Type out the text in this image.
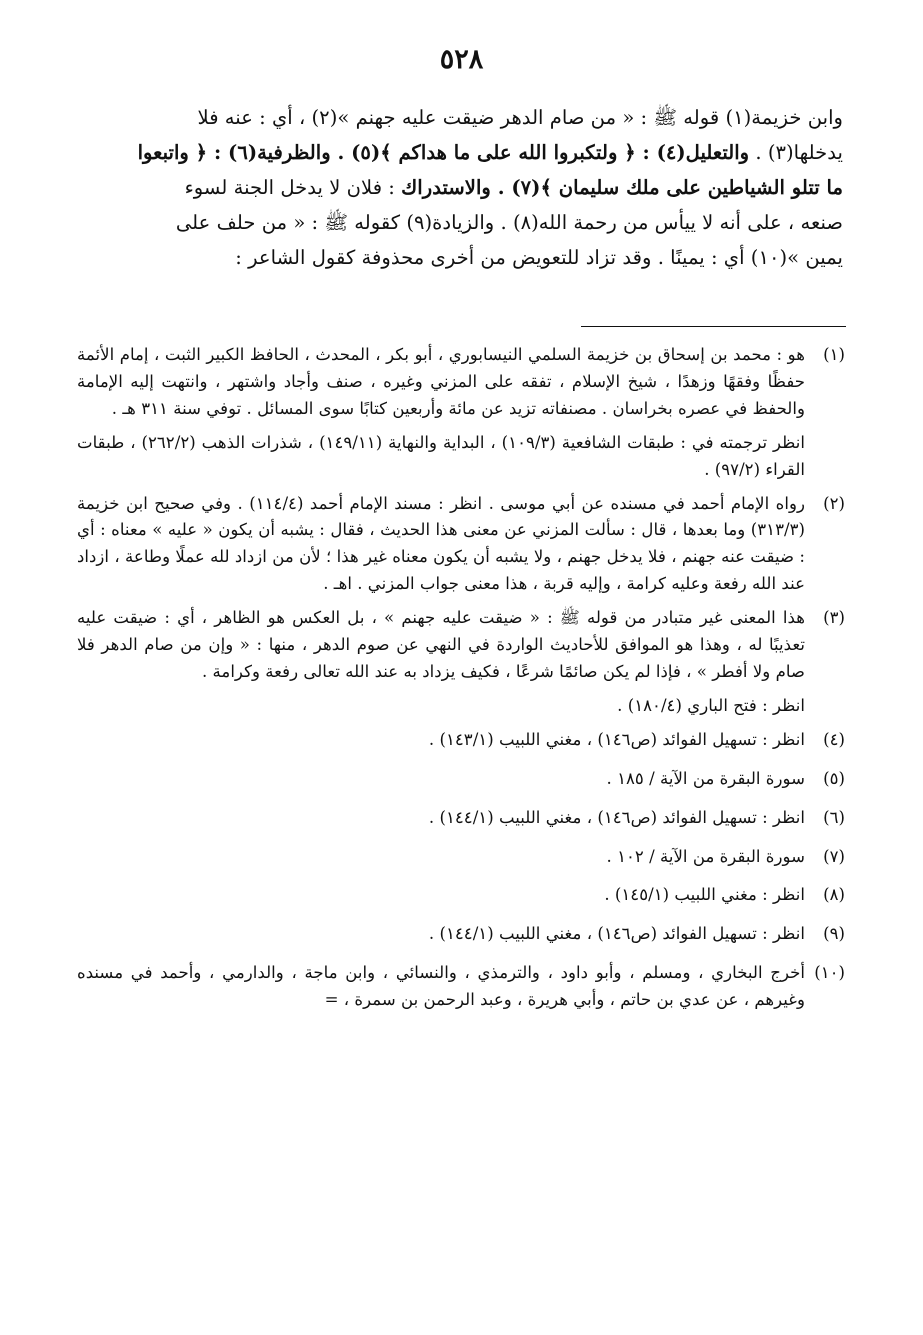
٥٢٨

وابن خزيمة(١) قوله ﷺ : « من صام الدهر ضيقت عليه جهنم »(٢) ، أي : عنه فلا

يدخلها(٣) . والتعليل(٤) : ﴿ ولتكبروا الله على ما هداكم ﴾(٥) . والظرفية(٦) : ﴿ واتبعوا

ما تتلو الشياطين على ملك سليمان ﴾(٧) . والاستدراك : فلان لا يدخل الجنة لسوء

صنعه ، على أنه لا ييأس من رحمة الله(٨) . والزيادة(٩) كقوله ﷺ : « من حلف على

يمين »(١٠) أي : يمينًا . وقد تزاد للتعويض من أخرى محذوفة كقول الشاعر :

(١)

هو : محمد بن إسحاق بن خزيمة السلمي النيسابوري ، أبو بكر ، المحدث ، الحافظ الكبير الثبت ، إمام الأئمة حفظًا وفقهًا وزهدًا ، شيخ الإسلام ، تفقه على المزني وغيره ، صنف وأجاد واشتهر ، وانتهت إليه الإمامة والحفظ في عصره بخراسان . مصنفاته تزيد عن مائة وأربعين كتابًا سوى المسائل . توفي سنة ٣١١ هـ .

انظر ترجمته في : طبقات الشافعية (١٠٩/٣) ، البداية والنهاية (١٤٩/١١) ، شذرات الذهب (٢٦٢/٢) ، طبقات القراء (٩٧/٢) .

(٢)

رواه الإمام أحمد في مسنده عن أبي موسى . انظر : مسند الإمام أحمد (١١٤/٤) . وفي صحيح ابن خزيمة (٣١٣/٣) وما بعدها ، قال : سألت المزني عن معنى هذا الحديث ، فقال : يشبه أن يكون « عليه » معناه : أي : ضيقت عنه جهنم ، فلا يدخل جهنم ، ولا يشبه أن يكون معناه غير هذا ؛ لأن من ازداد لله عملًا وطاعة ، ازداد عند الله رفعة وعليه كرامة ، وإليه قربة ، هذا معنى جواب المزني . اهـ .

(٣)

هذا المعنى غير متبادر من قوله ﷺ : « ضيقت عليه جهنم » ، بل العكس هو الظاهر ، أي : ضيقت عليه تعذيبًا له ، وهذا هو الموافق للأحاديث الواردة في النهي عن صوم الدهر ، منها : « وإن من صام الدهر فلا صام ولا أفطر » ، فإذا لم يكن صائمًا شرعًا ، فكيف يزداد به عند الله تعالى رفعة وكرامة .

انظر : فتح الباري (١٨٠/٤) .

(٤)

انظر : تسهيل الفوائد (ص١٤٦) ، مغني اللبيب (١٤٣/١) .

(٥)

سورة البقرة من الآية / ١٨٥ .

(٦)

انظر : تسهيل الفوائد (ص١٤٦) ، مغني اللبيب (١٤٤/١) .

(٧)

سورة البقرة من الآية / ١٠٢ .

(٨)

انظر : مغني اللبيب (١٤٥/١) .

(٩)

انظر : تسهيل الفوائد (ص١٤٦) ، مغني اللبيب (١٤٤/١) .

(١٠)

أخرج البخاري ، ومسلم ، وأبو داود ، والترمذي ، والنسائي ، وابن ماجة ، والدارمي ، وأحمد في مسنده وغيرهم ، عن عدي بن حاتم ، وأبي هريرة ، وعبد الرحمن بن سمرة ، =
